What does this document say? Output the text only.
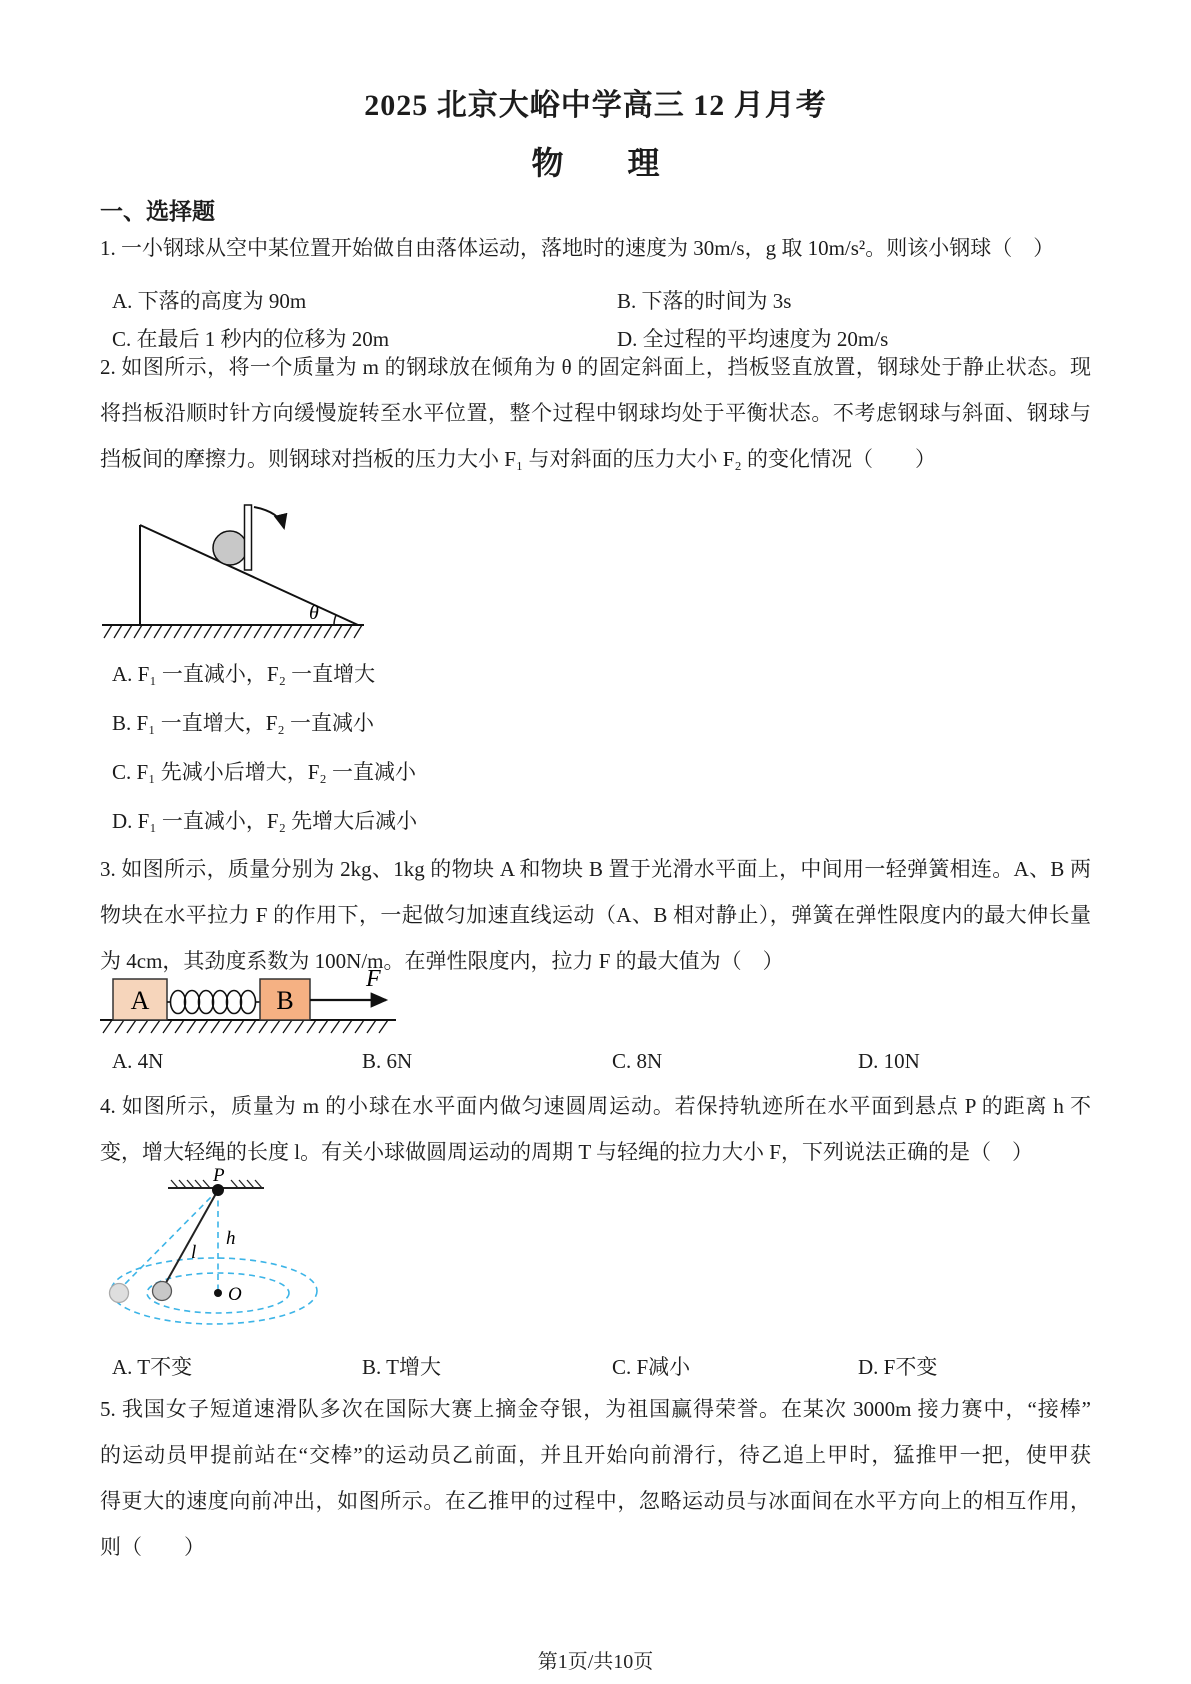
2025 北京大峪中学高三 12 月月考
物　　理
一、选择题
1. 一小钢球从空中某位置开始做自由落体运动，落地时的速度为 30m/s，g 取 10m/s²。则该小钢球（　）
A. 下落的高度为 90m	B. 下落的时间为 3s
C. 在最后 1 秒内的位移为 20m	D. 全过程的平均速度为 20m/s
2. 如图所示，将一个质量为 m 的钢球放在倾角为 θ 的固定斜面上，挡板竖直放置，钢球处于静止状态。现
将挡板沿顺时针方向缓慢旋转至水平位置，整个过程中钢球均处于平衡状态。不考虑钢球与斜面、钢球与
挡板间的摩擦力。则钢球对挡板的压力大小 F₁ 与对斜面的压力大小 F₂ 的变化情况（　　）
θ
A. F₁ 一直减小，F₂ 一直增大
B. F₁ 一直增大，F₂ 一直减小
C. F₁ 先减小后增大，F₂ 一直减小
D. F₁ 一直减小，F₂ 先增大后减小
3. 如图所示，质量分别为 2kg、1kg 的物块 A 和物块 B 置于光滑水平面上，中间用一轻弹簧相连。A、B 两
物块在水平拉力 F 的作用下，一起做匀加速直线运动（A、B 相对静止），弹簧在弹性限度内的最大伸长量
为 4cm，其劲度系数为 100N/m。在弹性限度内，拉力 F 的最大值为（　）
A	B
F
A. 4N	B. 6N	C. 8N	D. 10N
4. 如图所示，质量为 m 的小球在水平面内做匀速圆周运动。若保持轨迹所在水平面到悬点 P 的距离 h 不
变，增大轻绳的长度 l。有关小球做圆周运动的周期 T 与轻绳的拉力大小 F，下列说法正确的是（　）
P
l
h
O
A. T不变	B. T增大	C. F减小	D. F不变
5. 我国女子短道速滑队多次在国际大赛上摘金夺银，为祖国赢得荣誉。在某次 3000m 接力赛中，“接棒”
的运动员甲提前站在“交棒”的运动员乙前面，并且开始向前滑行，待乙追上甲时，猛推甲一把，使甲获
得更大的速度向前冲出，如图所示。在乙推甲的过程中，忽略运动员与冰面间在水平方向上的相互作用，
则（　　）
第1页/共10页
